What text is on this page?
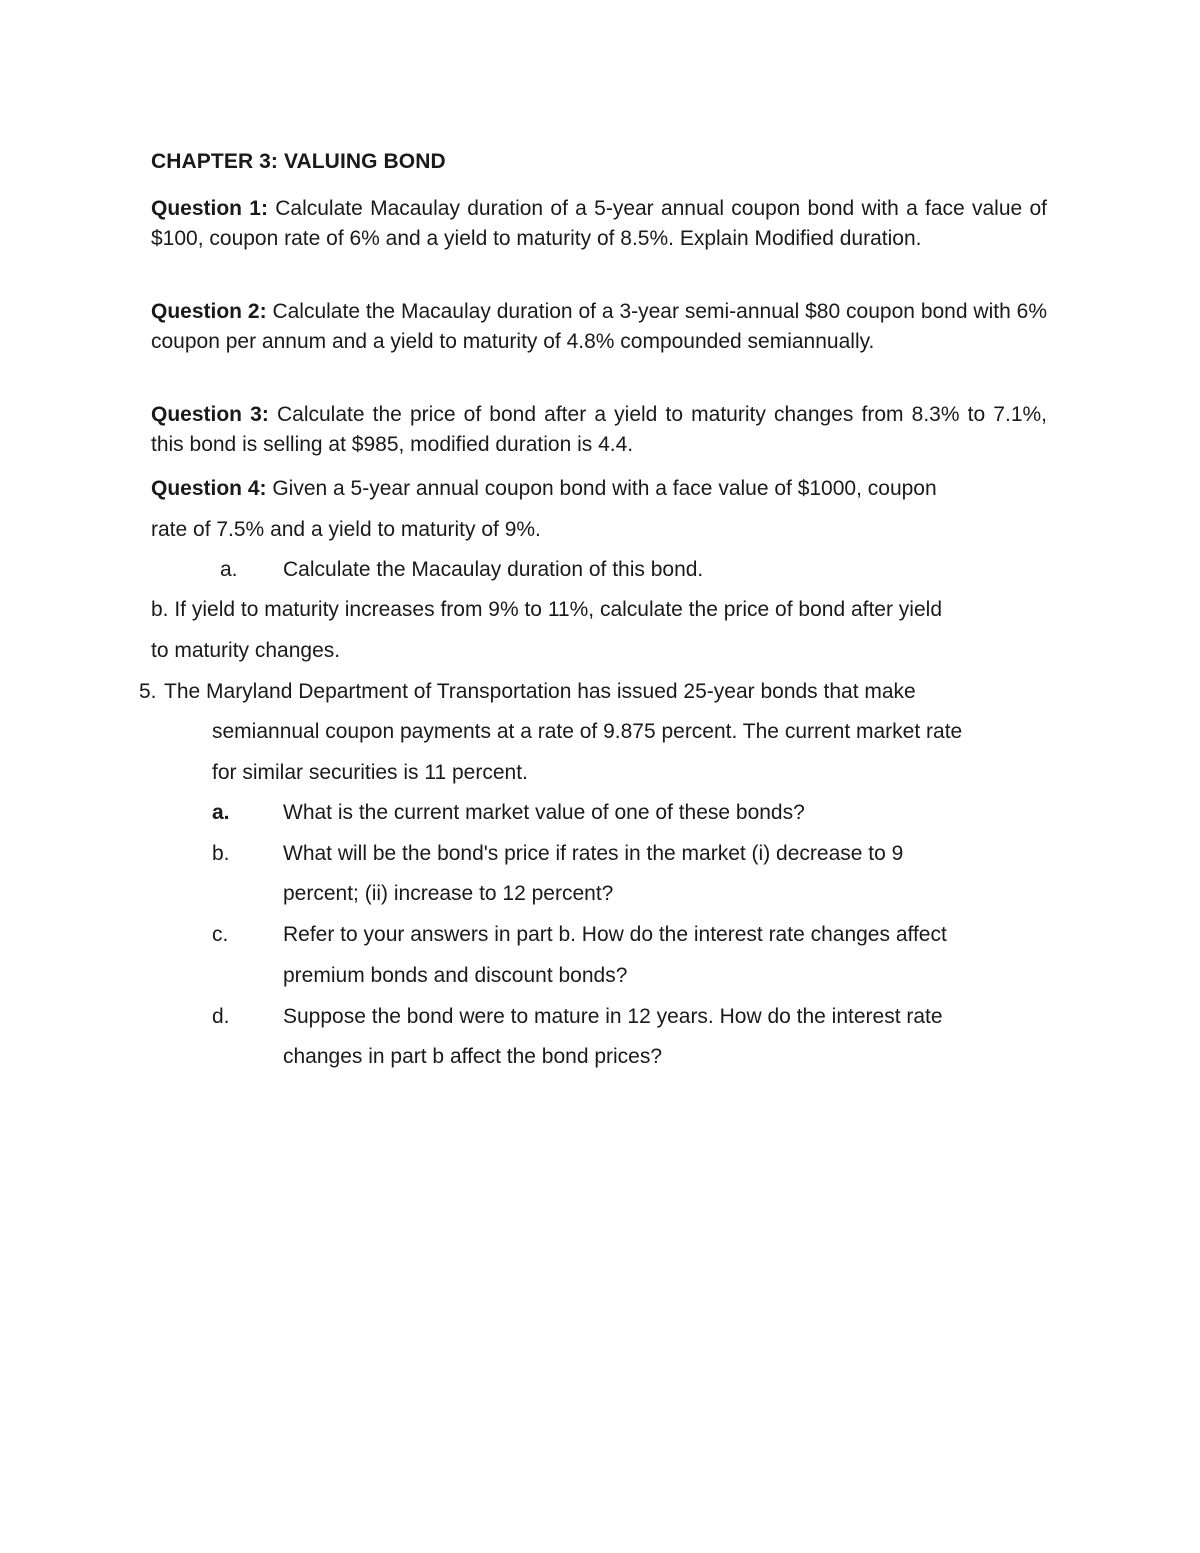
CHAPTER 3: VALUING BOND

Question 1: Calculate Macaulay duration of a 5-year annual coupon bond with a face value of $100, coupon rate of 6% and a yield to maturity of 8.5%. Explain Modified duration.

Question 2: Calculate the Macaulay duration of a 3-year semi-annual $80 coupon bond with 6% coupon per annum and a yield to maturity of 4.8% compounded semiannually.

Question 3: Calculate the price of bond after a yield to maturity changes from 8.3% to 7.1%, this bond is selling at $985, modified duration is 4.4.

Question 4: Given a 5-year annual coupon bond with a face value of $1000, coupon

rate of 7.5% and a yield to maturity of 9%.

a. Calculate the Macaulay duration of this bond.

b. If yield to maturity increases from 9% to 11%, calculate the price of bond after yield

to maturity changes.

5. The Maryland Department of Transportation has issued 25-year bonds that make

semiannual coupon payments at a rate of 9.875 percent. The current market rate

for similar securities is 11 percent.

a.	What is the current market value of one of these bonds?

b.	What will be the bond's price if rates in the market (i) decrease to 9

percent; (ii) increase to 12 percent?

c.	Refer to your answers in part b. How do the interest rate changes affect

premium bonds and discount bonds?

d.	Suppose the bond were to mature in 12 years. How do the interest rate

changes in part b affect the bond prices?
